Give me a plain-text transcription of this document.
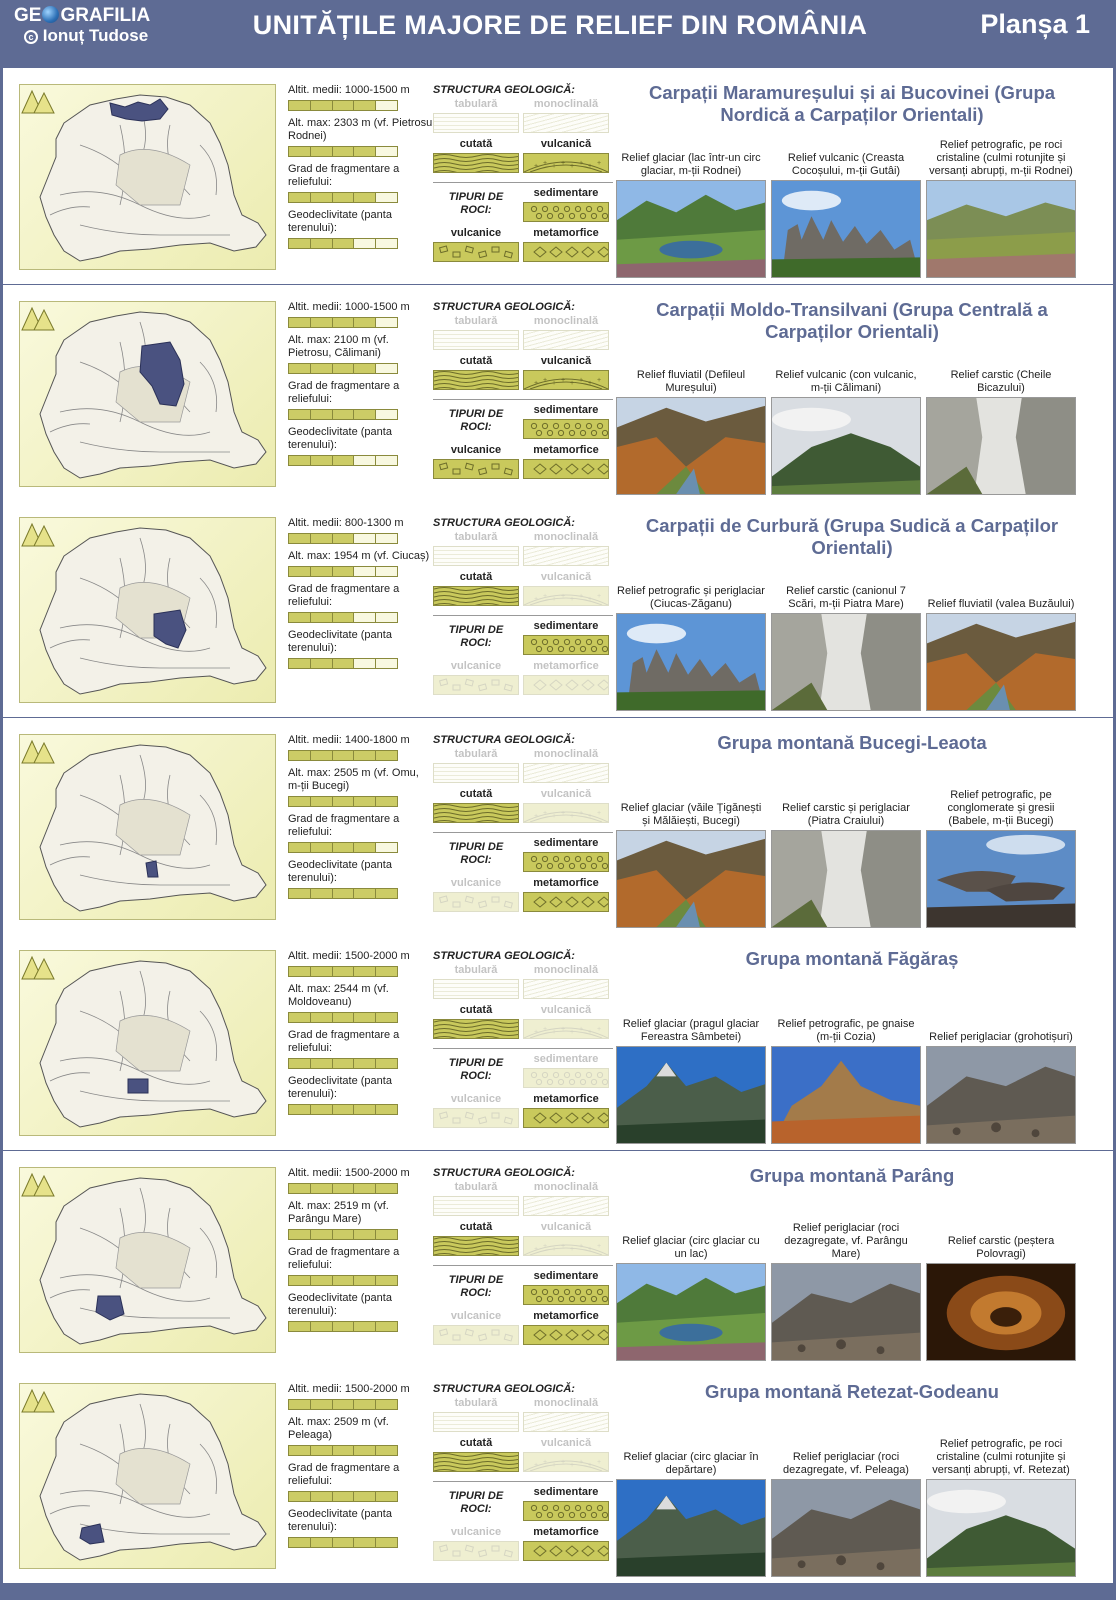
GE GRAFILIA
c Ionuț Tudose	UNITĂȚILE MAJORE DE RELIEF DIN ROMÂNIA	Planșa 1
Altit. medii: 1000-1500 m
Alt. max: 2303 m (vf. Pietrosu Rodnei)
Grad de fragmentare a reliefului:
Geodeclivitate (panta terenului):
STRUCTURA GEOLOGICĂ:
tabulară	monoclinală
cutată	vulcanică
+ + + + + + + +
TIPURI DE ROCI:
sedimentare
vulcanice	metamorfice
Carpații Maramureșului și ai Bucovinei (Grupa Nordică a Carpaților Orientali)
Relief glaciar (lac într-un circ glaciar, m-ții Rodnei)
Relief vulcanic (Creasta Cocoșului, m-ții Gutâi)
Relief petrografic, pe roci cristaline (culmi rotunjite și versanți abrupți, m-ții Rodnei)
Altit. medii: 1000-1500 m
Alt. max: 2100 m (vf. Pietrosu, Călimani)
Grad de fragmentare a reliefului:
Geodeclivitate (panta terenului):
STRUCTURA GEOLOGICĂ:
tabulară	monoclinală
cutată	vulcanică
+ + + + + + + +
TIPURI DE ROCI:
sedimentare
vulcanice	metamorfice
Carpații Moldo-Transilvani (Grupa Centrală a Carpaților Orientali)
Relief fluviatil (Defileul Mureșului)
Relief vulcanic (con vulcanic, m-ții Călimani)
Relief carstic (Cheile Bicazului)
Altit. medii: 800-1300 m
Alt. max: 1954 m (vf. Ciucaș)
Grad de fragmentare a reliefului:
Geodeclivitate (panta terenului):
STRUCTURA GEOLOGICĂ:
tabulară	monoclinală
cutată	vulcanică
+ + + + + + + +
TIPURI DE ROCI:
sedimentare
vulcanice	metamorfice
Carpații de Curbură (Grupa Sudică a Carpaților Orientali)
Relief petrografic și periglaciar (Ciucas-Zăganu)
Relief carstic (canionul 7 Scări, m-ții Piatra Mare)	Relief fluviatil (valea Buzăului)
Altit. medii: 1400-1800 m
Alt. max: 2505 m (vf. Omu, m-ții Bucegi)
Grad de fragmentare a reliefului:
Geodeclivitate (panta terenului):
STRUCTURA GEOLOGICĂ:
tabulară	monoclinală
cutată	vulcanică
+ + + + + + + +
TIPURI DE ROCI:
sedimentare
vulcanice	metamorfice
Grupa montană Bucegi-Leaota
Relief glaciar (văile Țigănești și Mălăiești, Bucegi)
Relief carstic și periglaciar (Piatra Craiului)
Relief petrografic, pe conglomerate și gresii (Babele, m-ții Bucegi)
Altit. medii: 1500-2000 m
Alt. max: 2544 m (vf. Moldoveanu)
Grad de fragmentare a reliefului:
Geodeclivitate (panta terenului):
STRUCTURA GEOLOGICĂ:
tabulară	monoclinală
cutată	vulcanică
+ + + + + + + +
TIPURI DE ROCI:
sedimentare
vulcanice	metamorfice
Grupa montană Făgăraș
Relief glaciar (pragul glaciar Fereastra Sâmbetei)
Relief petrografic, pe gnaise (m-ții Cozia)	Relief periglaciar (grohotișuri)
Altit. medii: 1500-2000 m
Alt. max: 2519 m (vf. Parângu Mare)
Grad de fragmentare a reliefului:
Geodeclivitate (panta terenului):
STRUCTURA GEOLOGICĂ:
tabulară	monoclinală
cutată	vulcanică
+ + + + + + + +
TIPURI DE ROCI:
sedimentare
vulcanice	metamorfice
Grupa montană Parâng
Relief glaciar (circ glaciar cu un lac)
Relief periglaciar (roci dezagregate, vf. Parângu Mare)
Relief carstic (peștera Polovragi)
Altit. medii: 1500-2000 m
Alt. max: 2509 m (vf. Peleaga)
Grad de fragmentare a reliefului:
Geodeclivitate (panta terenului):
STRUCTURA GEOLOGICĂ:
tabulară	monoclinală
cutată	vulcanică
+ + + + + + + +
TIPURI DE ROCI:
sedimentare
vulcanice	metamorfice
Grupa montană Retezat-Godeanu
Relief glaciar (circ glaciar în depărtare)
Relief periglaciar (roci dezagregate, vf. Peleaga)
Relief petrografic, pe roci cristaline (culmi rotunjite și versanți abrupți, vf. Retezat)
